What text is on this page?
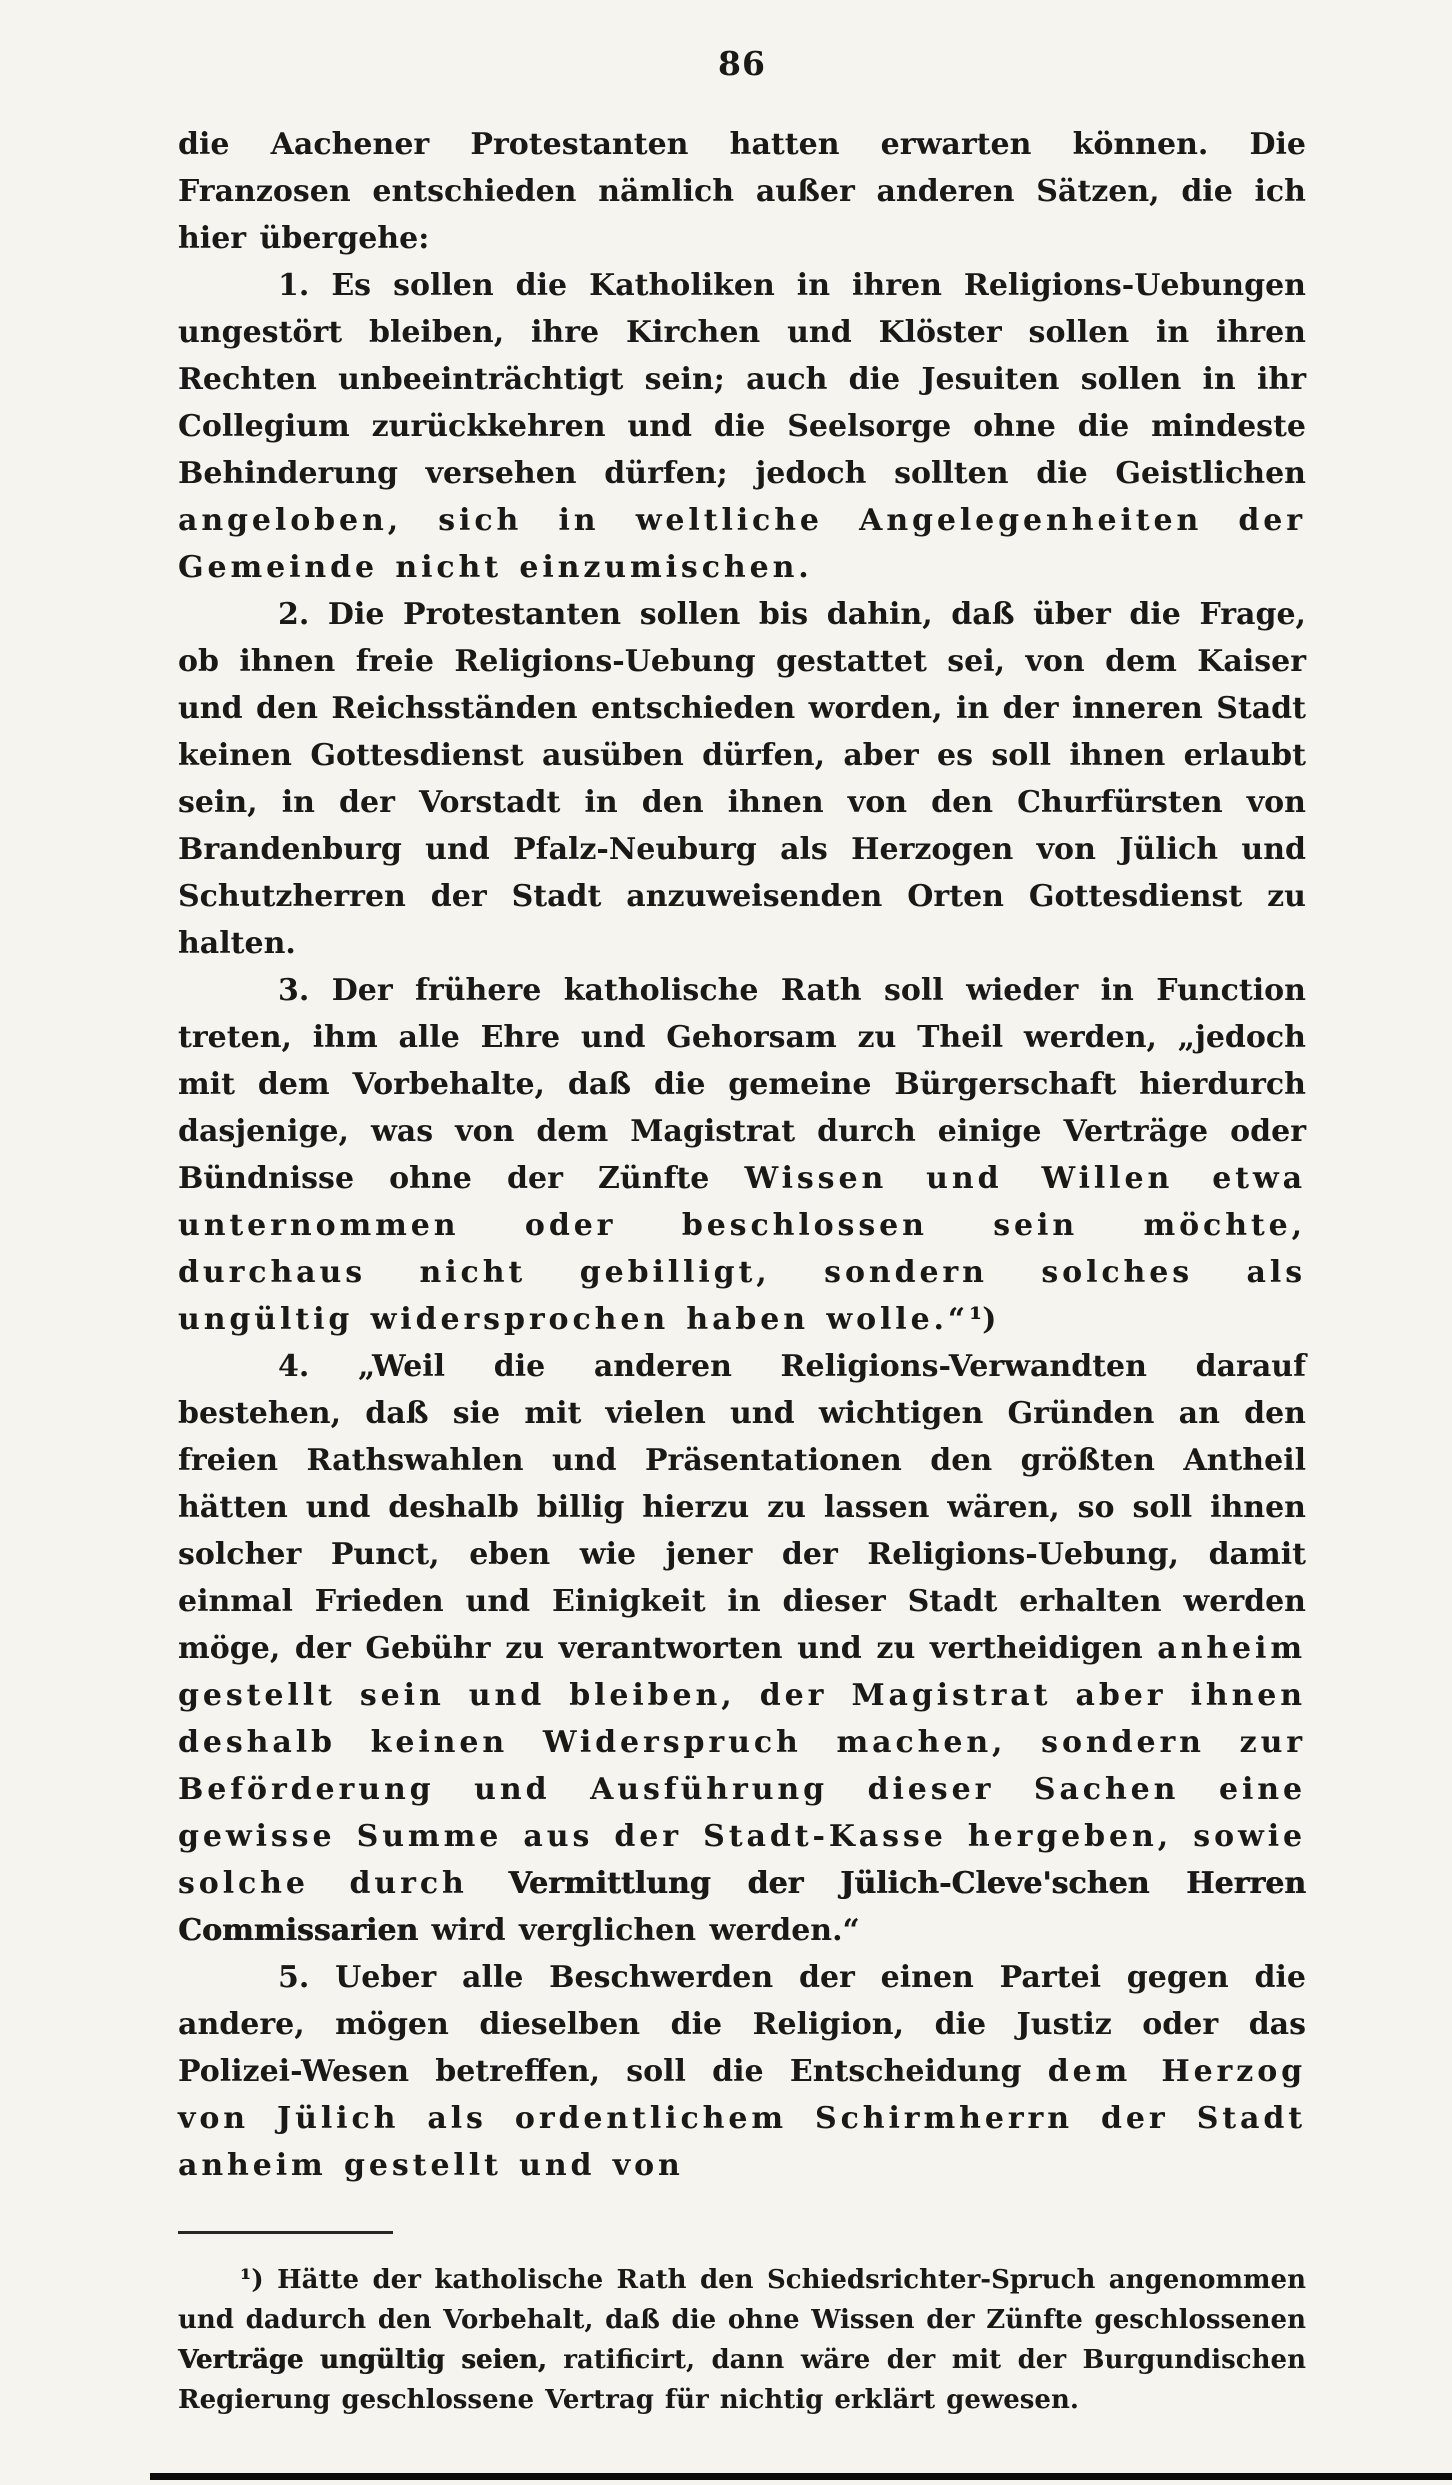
86

die Aachener Protestanten hatten erwarten können. Die Franzosen entschieden nämlich außer anderen Sätzen, die ich hier übergehe:

1. Es sollen die Katholiken in ihren Religions-Uebungen ungestört bleiben, ihre Kirchen und Klöster sollen in ihren Rechten unbeeinträchtigt sein; auch die Jesuiten sollen in ihr Collegium zurückkehren und die Seelsorge ohne die mindeste Behinderung versehen dürfen; jedoch sollten die Geistlichen angeloben, sich in weltliche Angelegenheiten der Gemeinde nicht einzumischen.

2. Die Protestanten sollen bis dahin, daß über die Frage, ob ihnen freie Religions-Uebung gestattet sei, von dem Kaiser und den Reichsständen entschieden worden, in der inneren Stadt keinen Gottesdienst ausüben dürfen, aber es soll ihnen erlaubt sein, in der Vorstadt in den ihnen von den Churfürsten von Brandenburg und Pfalz-Neuburg als Herzogen von Jülich und Schutzherren der Stadt anzuweisenden Orten Gottesdienst zu halten.

3. Der frühere katholische Rath soll wieder in Function treten, ihm alle Ehre und Gehorsam zu Theil werden, „jedoch mit dem Vorbehalte, daß die gemeine Bürgerschaft hierdurch dasjenige, was von dem Magistrat durch einige Verträge oder Bündnisse ohne der Zünfte Wissen und Willen etwa unternommen oder beschlossen sein möchte, durchaus nicht gebilligt, sondern solches als ungültig widersprochen haben wolle.“¹)

4. „Weil die anderen Religions-Verwandten darauf bestehen, daß sie mit vielen und wichtigen Gründen an den freien Rathswahlen und Präsentationen den größten Antheil hätten und deshalb billig hierzu zu lassen wären, so soll ihnen solcher Punct, eben wie jener der Religions-Uebung, damit einmal Frieden und Einigkeit in dieser Stadt erhalten werden möge, der Gebühr zu verantworten und zu vertheidigen anheim gestellt sein und bleiben, der Magistrat aber ihnen deshalb keinen Widerspruch machen, sondern zur Beförderung und Ausführung dieser Sachen eine gewisse Summe aus der Stadt-Kasse hergeben, sowie solche durch Vermittlung der Jülich-Cleve'schen Herren Commissarien wird verglichen werden.“

5. Ueber alle Beschwerden der einen Partei gegen die andere, mögen dieselben die Religion, die Justiz oder das Polizei-Wesen betreffen, soll die Entscheidung dem Herzog von Jülich als ordentlichem Schirmherrn der Stadt anheim gestellt und von

¹) Hätte der katholische Rath den Schiedsrichter-Spruch angenommen und dadurch den Vorbehalt, daß die ohne Wissen der Zünfte geschlossenen Verträge ungültig seien, ratificirt, dann wäre der mit der Burgundischen Regierung geschlossene Vertrag für nichtig erklärt gewesen.
